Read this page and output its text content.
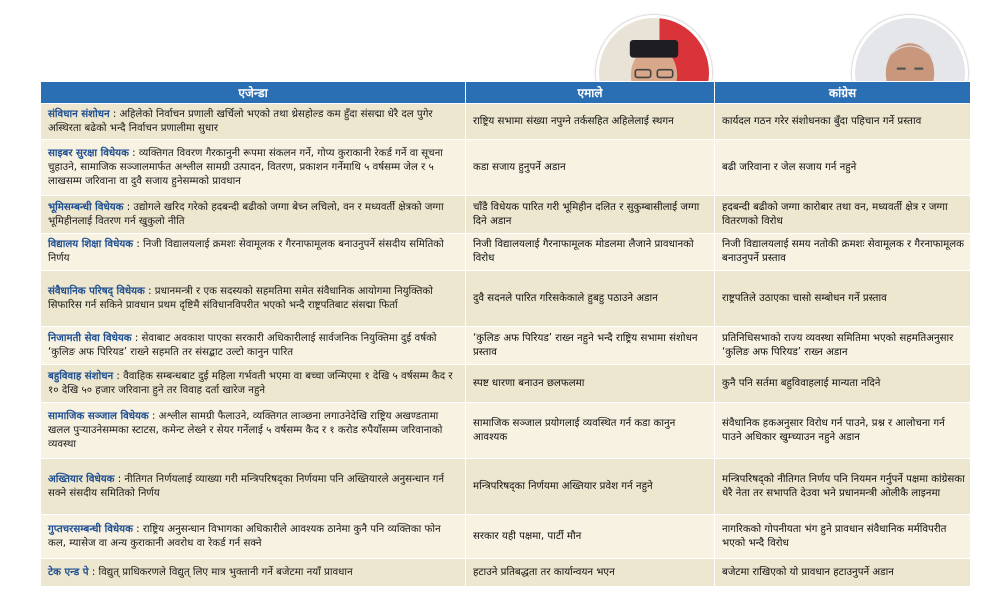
एजेन्डा	एमाले	कांग्रेस
संविधान संशोधन : अहिलेको निर्वाचन प्रणाली खर्चिलो भएको तथा थ्रेसहोल्ड कम हुँदा संसद्मा धेरै दल पुगेर अस्थिरता बढेको भन्दै निर्वाचन प्रणालीमा सुधार	राष्ट्रिय सभामा संख्या नपुग्ने तर्कसहित अहिलेलाई स्थगन	कार्यदल गठन गरेर संशोधनका बुँदा पहिचान गर्ने प्रस्ताव
साइबर सुरक्षा विधेयक : व्यक्तिगत विवरण गैरकानुनी रूपमा संकलन गर्ने, गोप्य कुराकानी रेकर्ड गर्ने वा सूचना चुहाउने, सामाजिक सञ्जालमार्फत अश्लील सामग्री उत्पादन, वितरण, प्रकाशन गर्नेमाथि ५ वर्षसम्म जेल र ५ लाखसम्म जरिवाना वा दुवै सजाय हुनेसम्मको प्रावधान	कडा सजाय हुनुपर्ने अडान	बढी जरिवाना र जेल सजाय गर्न नहुने
भूमिसम्बन्धी विधेयक : उद्योगले खरिद गरेको हदबन्दी बढीको जग्गा बेच्न लचिलो, वन र मध्यवर्ती क्षेत्रको जग्गा भूमिहीनलाई वितरण गर्न खुकुलो नीति	चाँडै विधेयक पारित गरी भूमिहीन दलित र सुकुम्बासीलाई जग्गा दिने अडान	हदबन्दी बढीको जग्गा कारोबार तथा वन, मध्यवर्ती क्षेत्र र जग्गा वितरणको विरोध
विद्यालय शिक्षा विधेयक : निजी विद्यालयलाई क्रमशः सेवामूलक र गैरनाफामूलक बनाउनुपर्ने संसदीय समितिको निर्णय	निजी विद्यालयलाई गैरनाफामूलक मोडलमा लैजाने प्रावधानको विरोध	निजी विद्यालयलाई समय नतोकी क्रमशः सेवामूलक र गैरनाफामूलक बनाउनुपर्ने प्रस्ताव
संवैधानिक परिषद् विधेयक : प्रधानमन्त्री र एक सदस्यको सहमतिमा समेत संवैधानिक आयोगमा नियुक्तिको सिफारिस गर्न सकिने प्रावधान प्रथम दृष्टिमै संविधानविपरीत भएको भन्दै राष्ट्रपतिबाट संसद्मा फिर्ता	दुवै सदनले पारित गरिसकेकाले हुबहु पठाउने अडान	राष्ट्रपतिले उठाएका चासो सम्बोधन गर्ने प्रस्ताव
निजामती सेवा विधेयक : सेवाबाट अवकाश पाएका सरकारी अधिकारीलाई सार्वजनिक नियुक्तिमा दुई वर्षको ‘कुलिङ अफ पिरियड’ राख्ने सहमति तर संसद्बाट उल्टो कानुन पारित	‘कुलिङ अफ पिरियड’ राख्न नहुने भन्दै राष्ट्रिय सभामा संशोधन प्रस्ताव	प्रतिनिधिसभाको राज्य व्यवस्था समितिमा भएको सहमतिअनुसार ‘कुलिङ अफ पिरियड’ राख्न अडान
बहुविवाह संशोधन : वैवाहिक सम्बन्धबाट दुई महिला गर्भवती भएमा वा बच्चा जन्मिएमा १ देखि ५ वर्षसम्म कैद र १० देखि ५० हजार जरिवाना हुने तर विवाह दर्ता खारेज नहुने	स्पष्ट धारणा बनाउन छलफलमा	कुनै पनि सर्तमा बहुविवाहलाई मान्यता नदिने
सामाजिक सञ्जाल विधेयक : अश्लील सामग्री फैलाउने, व्यक्तिगत लाञ्छना लगाउनेदेखि राष्ट्रिय अखण्डतामा खलल पुऱ्याउनेसम्मका स्टाटस, कमेन्ट लेख्ने र सेयर गर्नेलाई ५ वर्षसम्म कैद र १ करोड रुपैयाँसम्म जरिवानाको व्यवस्था	सामाजिक सञ्जाल प्रयोगलाई व्यवस्थित गर्न कडा कानुन आवश्यक	संवैधानिक हकअनुसार विरोध गर्न पाउने, प्रश्न र आलोचना गर्न पाउने अधिकार खुम्च्याउन नहुने अडान
अख्तियार विधेयक : नीतिगत निर्णयलाई व्याख्या गरी मन्त्रिपरिषद्का निर्णयमा पनि अख्तियारले अनुसन्धान गर्न सक्ने संसदीय समितिको निर्णय	मन्त्रिपरिषद्का निर्णयमा अख्तियार प्रवेश गर्न नहुने	मन्त्रिपरिषद्को नीतिगत निर्णय पनि नियमन गर्नुपर्ने पक्षमा कांग्रेसका धेरै नेता तर सभापति देउवा भने प्रधानमन्त्री ओलीकै लाइनमा
गुप्तचरसम्बन्धी विधेयक : राष्ट्रिय अनुसन्धान विभागका अधिकारीले आवश्यक ठानेमा कुनै पनि व्यक्तिका फोन कल, म्यासेज वा अन्य कुराकानी अवरोध वा रेकर्ड गर्न सक्ने	सरकार यही पक्षमा, पार्टी मौन	नागरिकको गोपनीयता भंग हुने प्रावधान संवैधानिक मर्मविपरीत भएको भन्दै विरोध
टेक एन्ड पे : विद्युत् प्राधिकरणले विद्युत् लिए मात्र भुक्तानी गर्ने बजेटमा नयाँ प्रावधान	हटाउने प्रतिबद्धता तर कार्यान्वयन भएन	बजेटमा राखिएको यो प्रावधान हटाउनुपर्ने अडान
